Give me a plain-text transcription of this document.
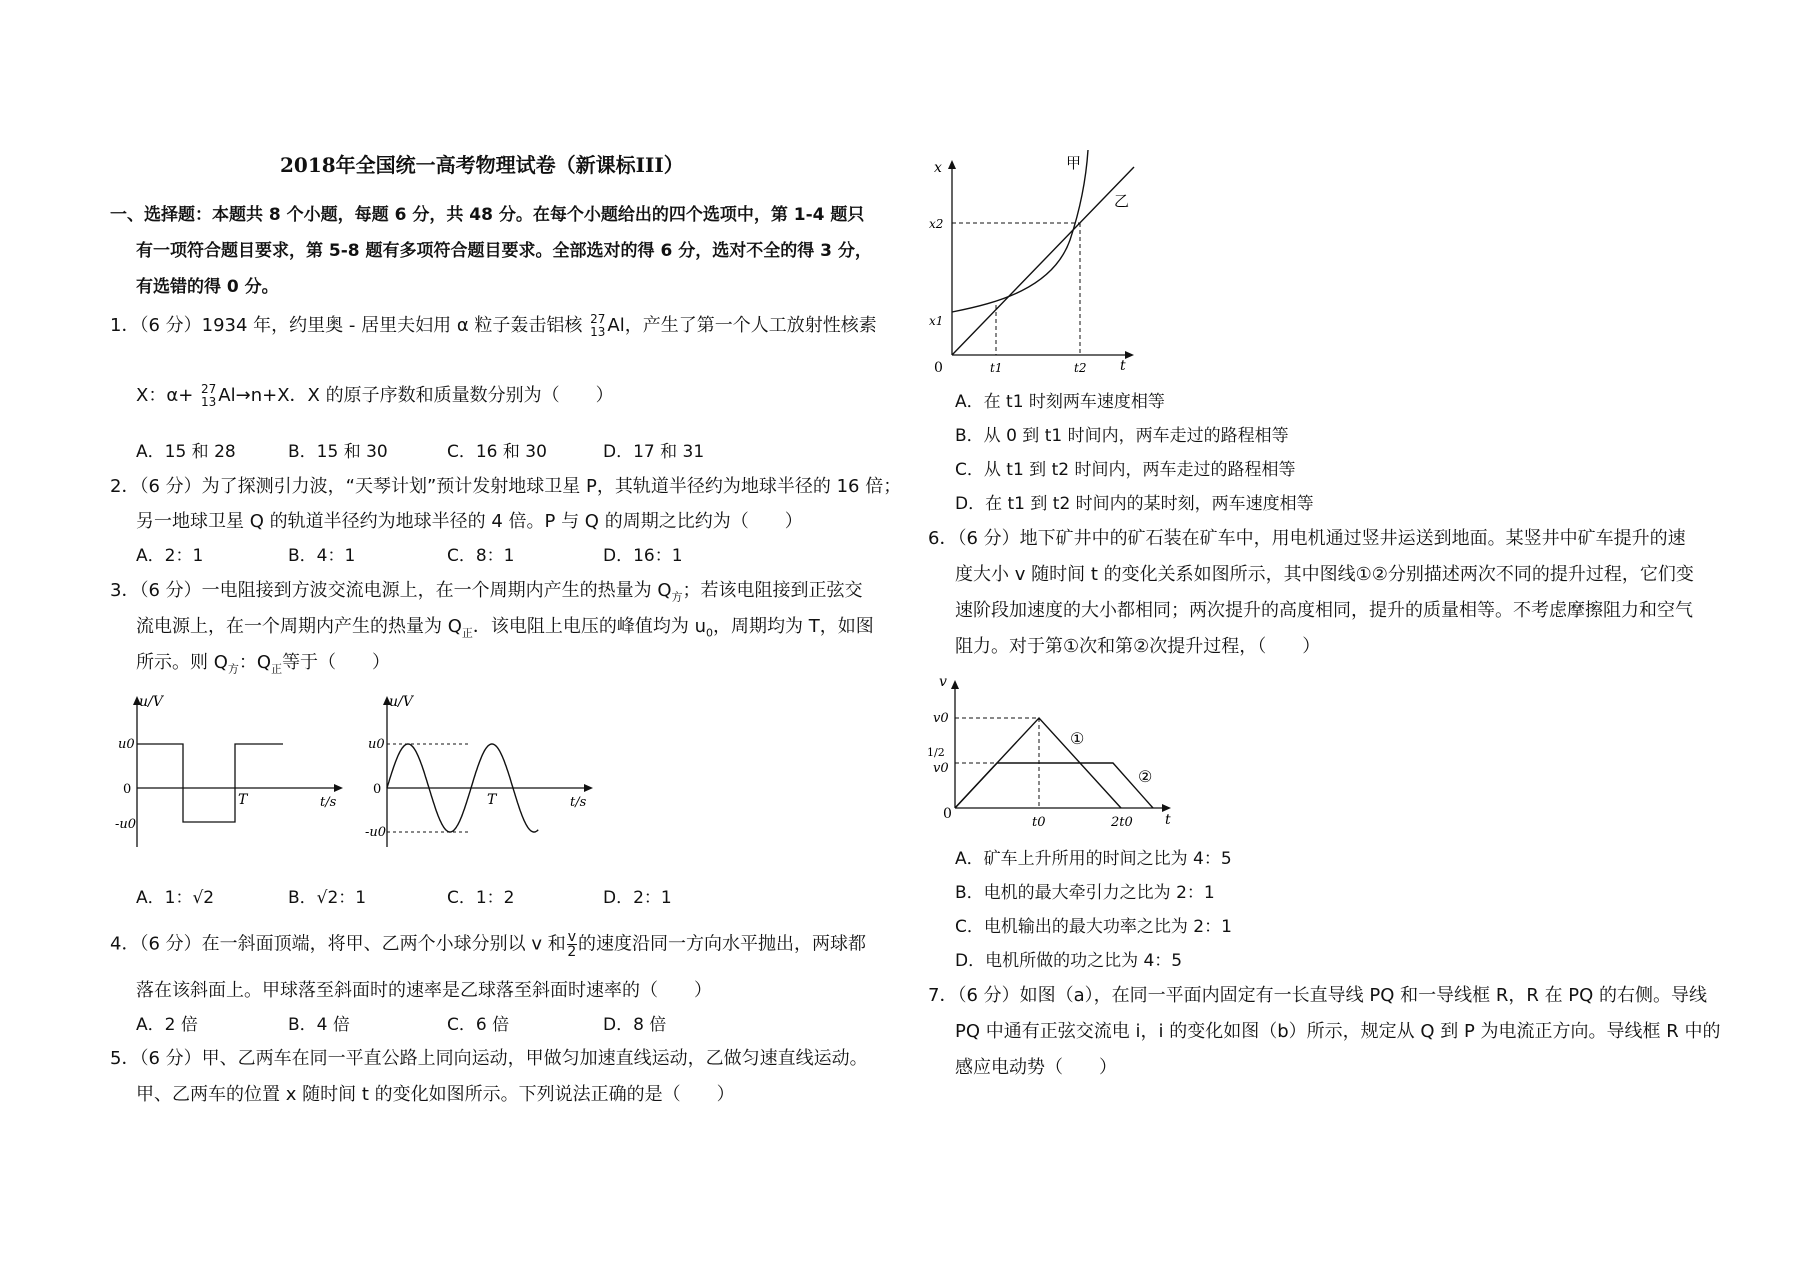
2018年全国统一高考物理试卷（新课标III）
一、选择题：本题共 8 个小题，每题 6 分，共 48 分。在每个小题给出的四个选项中，第 1-4 题只
有一项符合题目要求，第 5-8 题有多项符合题目要求。全部选对的得 6 分，选对不全的得 3 分，
有选错的得 0 分。
1．（6 分）1934 年，约里奥 - 居里夫妇用 α 粒子轰击铝核 27
13 Al，产生了第一个人工放射性核素
X：α+ 27
13 Al→n+X．X 的原子序数和质量数分别为（　　）
A．15 和 28	B．15 和 30	C．16 和 30	D．17 和 31
2．（6 分）为了探测引力波，“天琴计划”预计发射地球卫星 P，其轨道半径约为地球半径的 16 倍；
另一地球卫星 Q 的轨道半径约为地球半径的 4 倍。P 与 Q 的周期之比约为（　　）
A．2：1	B．4：1	C．8：1	D．16：1
3．（6 分）一电阻接到方波交流电源上，在一个周期内产生的热量为 $Q_方$；若该电阻接到正弦交
流电源上，在一个周期内产生的热量为 $Q_正$．该电阻上电压的峰值均为 $u_0$，周期均为 T，如图
所示。则 $Q_方$：$Q_正$等于（　　）
u/V
u0
0
-u0
T	t/s
u/V
u0
0
-u0
T	t/s
A．1：√2	B．√2：1	C．1：2	D．2：1
4．（6 分）在一斜面顶端，将甲、乙两个小球分别以 v 和 $\frac{v}{2}$ 的速度沿同一方向水平抛出，两球都
落在该斜面上。甲球落至斜面时的速率是乙球落至斜面时速率的（　　）
A．2 倍	B．4 倍	C．6 倍	D．8 倍
5．（6 分）甲、乙两车在同一平直公路上同向运动，甲做匀加速直线运动，乙做匀速直线运动。
甲、乙两车的位置 x 随时间 t 的变化如图所示。下列说法正确的是（　　）
x
x2
x1
0	t1	t2 t
甲
乙
A．在 t1 时刻两车速度相等
B．从 0 到 t1 时间内，两车走过的路程相等
C．从 t1 到 t2 时间内，两车走过的路程相等
D．在 t1 到 t2 时间内的某时刻，两车速度相等
6．（6 分）地下矿井中的矿石装在矿车中，用电机通过竖井运送到地面。某竖井中矿车提升的速
度大小 v 随时间 t 的变化关系如图所示，其中图线①②分别描述两次不同的提升过程，它们变
速阶段加速度的大小都相同；两次提升的高度相同，提升的质量相等。不考虑摩擦阻力和空气
阻力。对于第①次和第②次提升过程，（　　）
v
v0
1/2
v0
0
t0	2t0 t
①
②
A．矿车上升所用的时间之比为 4：5
B．电机的最大牵引力之比为 2：1
C．电机输出的最大功率之比为 2：1
D．电机所做的功之比为 4：5
7．（6 分）如图（a），在同一平面内固定有一长直导线 PQ 和一导线框 R，R 在 PQ 的右侧。导线
PQ 中通有正弦交流电 i，i 的变化如图（b）所示，规定从 Q 到 P 为电流正方向。导线框 R 中的
感应电动势（　　）
